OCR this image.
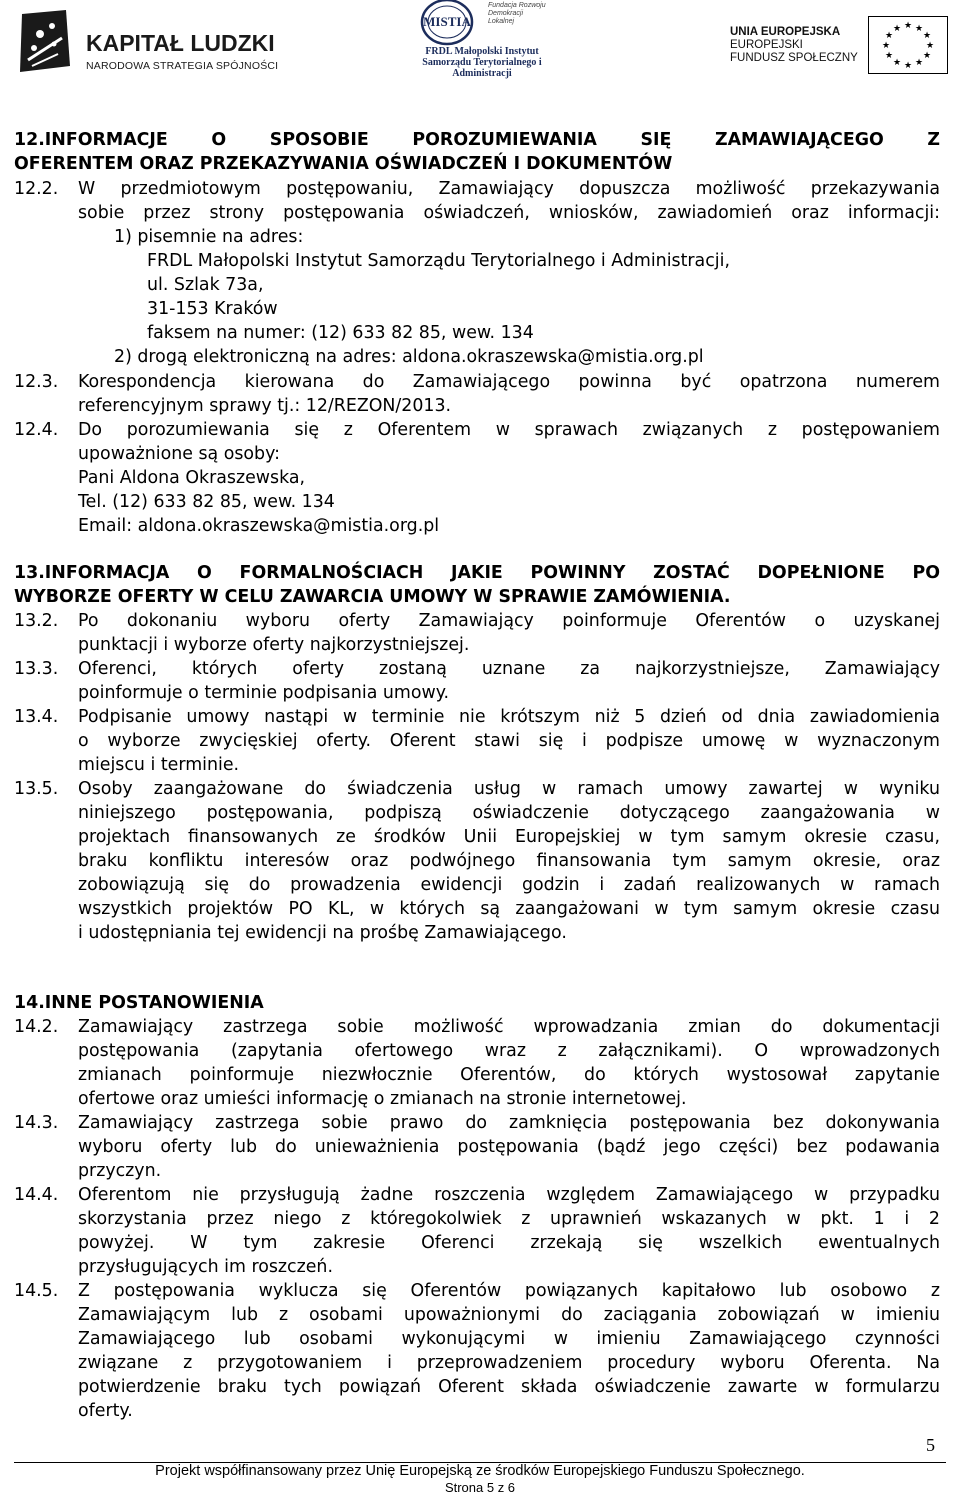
KAPITAŁ LUDZKI
NARODOWA STRATEGIA SPÓJNOŚCI
MISTIA
Fundacja Rozwoju Demokracji Lokalnej
FRDL Małopolski Instytut Samorządu Terytorialnego i Administracji
UNIA EUROPEJSKA
EUROPEJSKI
FUNDUSZ SPOŁECZNY
★ ★
★
★
★
★
★
★
★
★
★
★
12.INFORMACJE O SPOSOBIE POROZUMIEWANIA SIĘ ZAMAWIAJĄCEGO Z
OFERENTEM ORAZ PRZEKAZYWANIA OŚWIADCZEŃ I DOKUMENTÓW
12.2. W przedmiotowym postępowaniu, Zamawiający dopuszcza możliwość przekazywania
sobie przez strony postępowania oświadczeń, wniosków, zawiadomień oraz informacji:
1) pisemnie na adres:
FRDL Małopolski Instytut Samorządu Terytorialnego i Administracji,
ul. Szlak 73a,
31-153 Kraków
faksem na numer: (12) 633 82 85, wew. 134
2) drogą elektroniczną na adres: aldona.okraszewska@mistia.org.pl
12.3. Korespondencja kierowana do Zamawiającego powinna być opatrzona numerem
referencyjnym sprawy tj.: 12/REZON/2013.
12.4. Do porozumiewania się z Oferentem w sprawach związanych z postępowaniem
upoważnione są osoby:
Pani Aldona Okraszewska,
Tel. (12) 633 82 85, wew. 134
Email: aldona.okraszewska@mistia.org.pl
13.INFORMACJA O FORMALNOŚCIACH JAKIE POWINNY ZOSTAĆ DOPEŁNIONE PO
WYBORZE OFERTY W CELU ZAWARCIA UMOWY W SPRAWIE ZAMÓWIENIA.
13.2. Po dokonaniu wyboru oferty Zamawiający poinformuje Oferentów o uzyskanej
punktacji i wyborze oferty najkorzystniejszej.
13.3. Oferenci, których oferty zostaną uznane za najkorzystniejsze, Zamawiający
poinformuje o terminie podpisania umowy.
13.4. Podpisanie umowy nastąpi w terminie nie krótszym niż 5 dzień od dnia zawiadomienia
o wyborze zwycięskiej oferty. Oferent stawi się i podpisze umowę w wyznaczonym
miejscu i terminie.
13.5. Osoby zaangażowane do świadczenia usług w ramach umowy zawartej w wyniku
niniejszego postępowania, podpiszą oświadczenie dotyczącego zaangażowania w
projektach finansowanych ze środków Unii Europejskiej w tym samym okresie czasu,
braku konfliktu interesów oraz podwójnego finansowania tym samym okresie, oraz
zobowiązują się do prowadzenia ewidencji godzin i zadań realizowanych w ramach
wszystkich projektów PO KL, w których są zaangażowani w tym samym okresie czasu
i udostępniania tej ewidencji na prośbę Zamawiającego.
14.INNE POSTANOWIENIA
14.2. Zamawiający zastrzega sobie możliwość wprowadzania zmian do dokumentacji
postępowania (zapytania ofertowego wraz z załącznikami). O wprowadzonych
zmianach poinformuje niezwłocznie Oferentów, do których wystosował zapytanie
ofertowe oraz umieści informację o zmianach na stronie internetowej.
14.3. Zamawiający zastrzega sobie prawo do zamknięcia postępowania bez dokonywania
wyboru oferty lub do unieważnienia postępowania (bądź jego części) bez podawania
przyczyn.
14.4. Oferentom nie przysługują żadne roszczenia względem Zamawiającego w przypadku
skorzystania przez niego z któregokolwiek z uprawnień wskazanych w pkt. 1 i 2
powyżej. W tym zakresie Oferenci zrzekają się wszelkich ewentualnych
przysługujących im roszczeń.
14.5. Z postępowania wyklucza się Oferentów powiązanych kapitałowo lub osobowo z
Zamawiającym lub z osobami upoważnionymi do zaciągania zobowiązań w imieniu
Zamawiającego lub osobami wykonującymi w imieniu Zamawiającego czynności
związane z przygotowaniem i przeprowadzeniem procedury wyboru Oferenta. Na
potwierdzenie braku tych powiązań Oferent składa oświadczenie zawarte w formularzu
oferty.
5
Projekt współfinansowany przez Unię Europejską ze środków Europejskiego Funduszu Społecznego.
Strona 5 z 6
